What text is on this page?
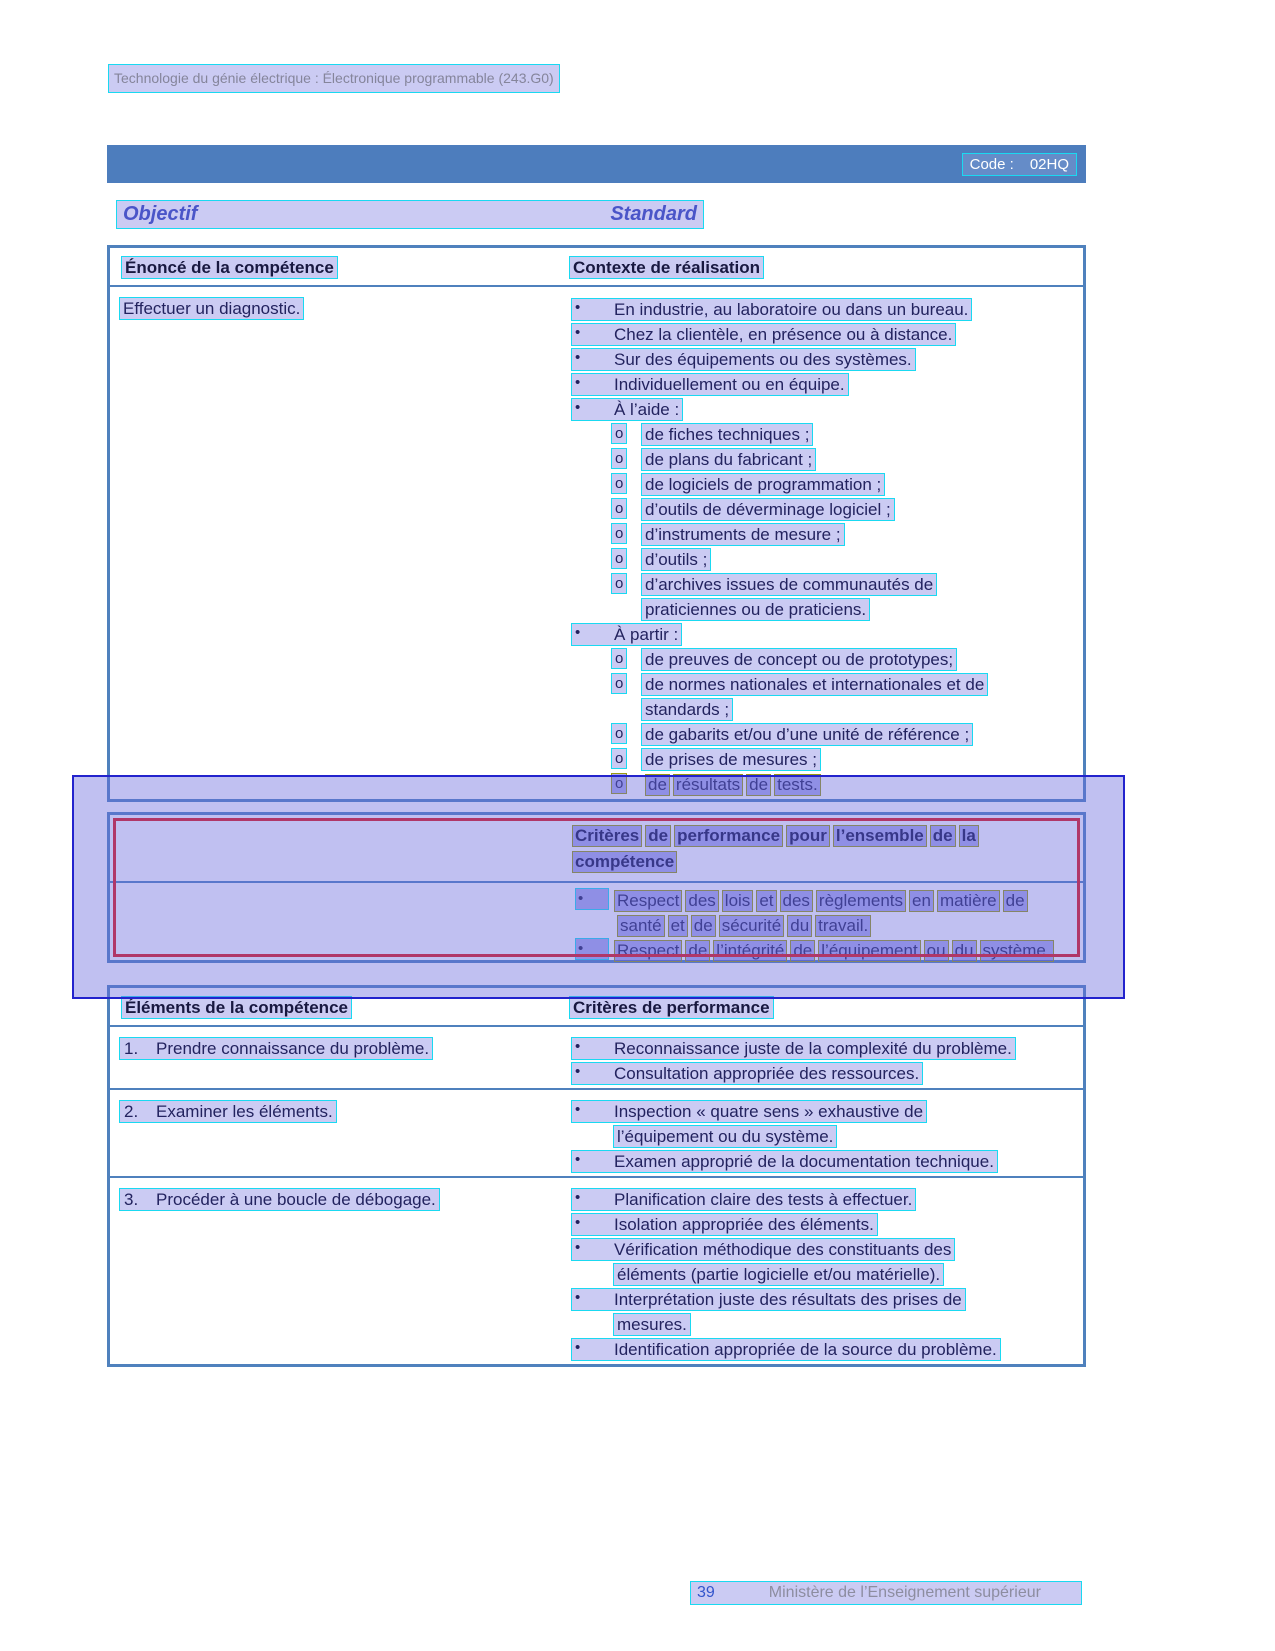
Technologie du génie électrique : Électronique programmable (243.G0)
Code : 02HQ
Objectif	Standard
Énoncé de la compétence	Contexte de réalisation
Effectuer un diagnostic.	• En industrie, au laboratoire ou dans un bureau.
• Chez la clientèle, en présence ou à distance.
• Sur des équipements ou des systèmes.
• Individuellement ou en équipe.
• À l’aide :
o de fiches techniques ;
o de plans du fabricant ;
o de logiciels de programmation ;
o d’outils de déverminage logiciel ;
o d’instruments de mesure ;
o d’outils ;
o d’archives issues de communautés de
praticiennes ou de praticiens.
• À partir :
o de preuves de concept ou de prototypes;
o de normes nationales et internationales et de
standards ;
o de gabarits et/ou d’une unité de référence ;
o de prises de mesures ;
o de résultats de tests.
Critères de performance pour l’ensemble de la
compétence
•	Respect des lois et des règlements en matière de
santé et de sécurité du travail.
•	Respect de l’intégrité de l’équipement ou du système.
Éléments de la compétence	Critères de performance
1. Prendre connaissance du problème.	• Reconnaissance juste de la complexité du problème.
• Consultation appropriée des ressources.
2. Examiner les éléments.	• Inspection « quatre sens » exhaustive de
l’équipement ou du système.
• Examen approprié de la documentation technique.
3. Procéder à une boucle de débogage.	• Planification claire des tests à effectuer.
• Isolation appropriée des éléments.
• Vérification méthodique des constituants des
éléments (partie logicielle et/ou matérielle).
• Interprétation juste des résultats des prises de
mesures.
• Identification appropriée de la source du problème.
39	Ministère de l’Enseignement supérieur
